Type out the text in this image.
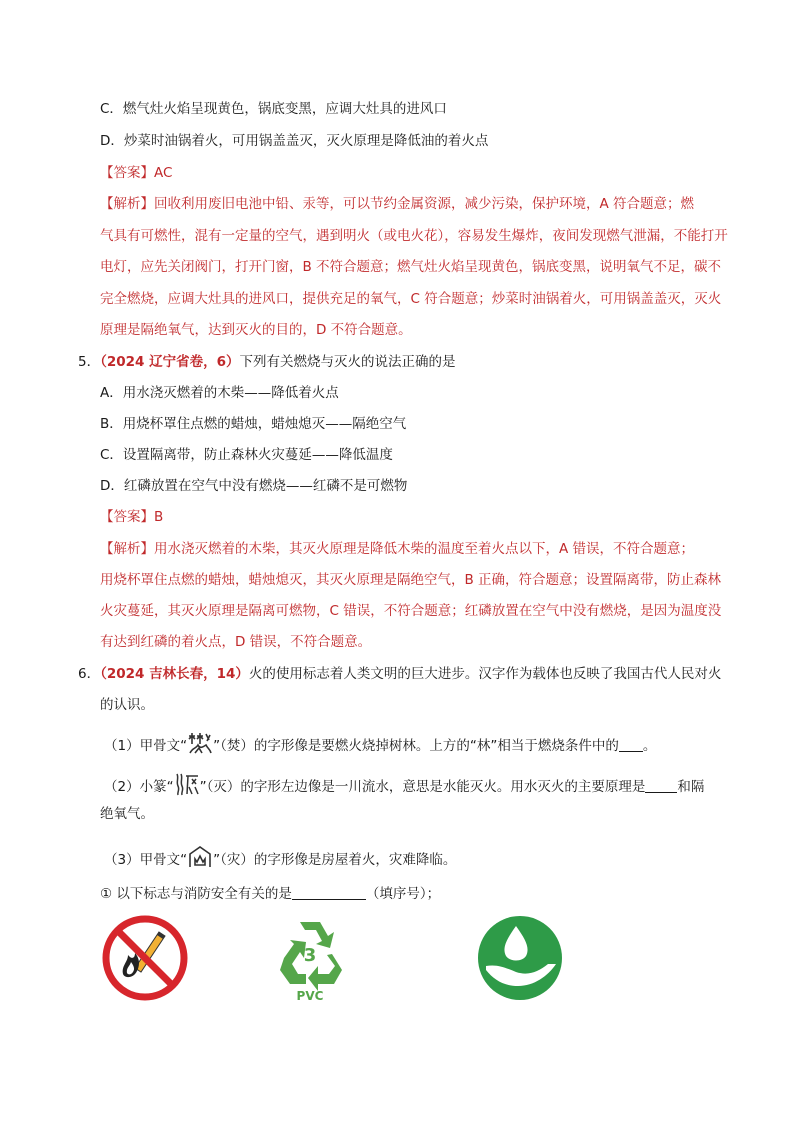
C．燃气灶火焰呈现黄色，锅底变黑，应调大灶具的进风口
D．炒菜时油锅着火，可用锅盖盖灭，灭火原理是降低油的着火点
【答案】AC
【解析】回收利用废旧电池中铅、汞等，可以节约金属资源，减少污染，保护环境，A 符合题意；燃
气具有可燃性，混有一定量的空气，遇到明火（或电火花），容易发生爆炸，夜间发现燃气泄漏，不能打开
电灯，应先关闭阀门，打开门窗，B 不符合题意；燃气灶火焰呈现黄色，锅底变黑，说明氧气不足，碳不
完全燃烧，应调大灶具的进风口，提供充足的氧气，C 符合题意；炒菜时油锅着火，可用锅盖盖灭，灭火
原理是隔绝氧气，达到灭火的目的，D 不符合题意。
5．（2024 辽宁省卷，6）下列有关燃烧与灭火的说法正确的是
A．用水浇灭燃着的木柴——降低着火点
B．用烧杯罩住点燃的蜡烛，蜡烛熄灭——隔绝空气
C．设置隔离带，防止森林火灾蔓延——降低温度
D．红磷放置在空气中没有燃烧——红磷不是可燃物
【答案】B
【解析】用水浇灭燃着的木柴，其灭火原理是降低木柴的温度至着火点以下，A 错误，不符合题意；
用烧杯罩住点燃的蜡烛，蜡烛熄灭，其灭火原理是隔绝空气，B 正确，符合题意；设置隔离带，防止森林
火灾蔓延，其灭火原理是隔离可燃物，C 错误，不符合题意；红磷放置在空气中没有燃烧，是因为温度没
有达到红磷的着火点，D 错误，不符合题意。
6．（2024 吉林长春，14）火的使用标志着人类文明的巨大进步。汉字作为载体也反映了我国古代人民对火
的认识。
（1）甲骨文“ ”（焚）的字形像是要燃火烧掉树林。上方的“林”相当于燃烧条件中的 。
（2）小篆“ ”（灭）的字形左边像是一川流水，意思是水能灭火。用水灭火的主要原理是 和隔
绝氧气。
（3）甲骨文“ ”（灾）的字形像是房屋着火，灾难降临。
① 以下标志与消防安全有关的是	（填序号）；
3
PVC
